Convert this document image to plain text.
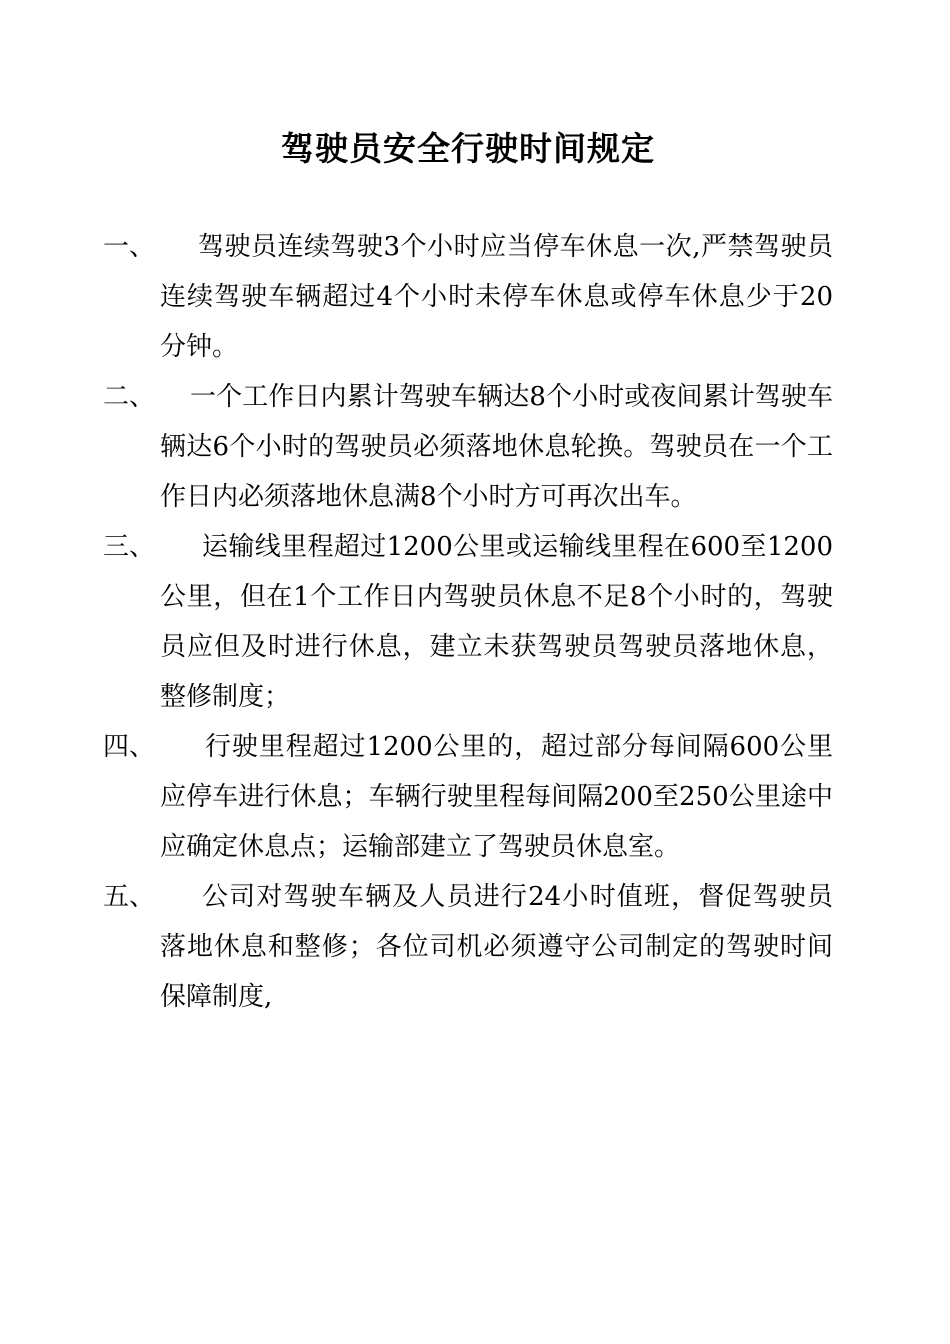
驾驶员安全行驶时间规定
一、	驾驶员连续驾驶3个小时应当停车休息一次,严禁驾驶员连续驾驶车辆超过4个小时未停车休息或停车休息少于20分钟。
二、	一个工作日内累计驾驶车辆达8个小时或夜间累计驾驶车辆达6个小时的驾驶员必须落地休息轮换。驾驶员在一个工作日内必须落地休息满8个小时方可再次出车。
三、	运输线里程超过1200公里或运输线里程在600至1200公里，但在1个工作日内驾驶员休息不足8个小时的，驾驶员应但及时进行休息，建立未获驾驶员驾驶员落地休息，整修制度；
四、	行驶里程超过1200公里的，超过部分每间隔600公里应停车进行休息；车辆行驶里程每间隔200至250公里途中应确定休息点；运输部建立了驾驶员休息室。
五、	公司对驾驶车辆及人员进行24小时值班，督促驾驶员落地休息和整修；各位司机必须遵守公司制定的驾驶时间保障制度,
